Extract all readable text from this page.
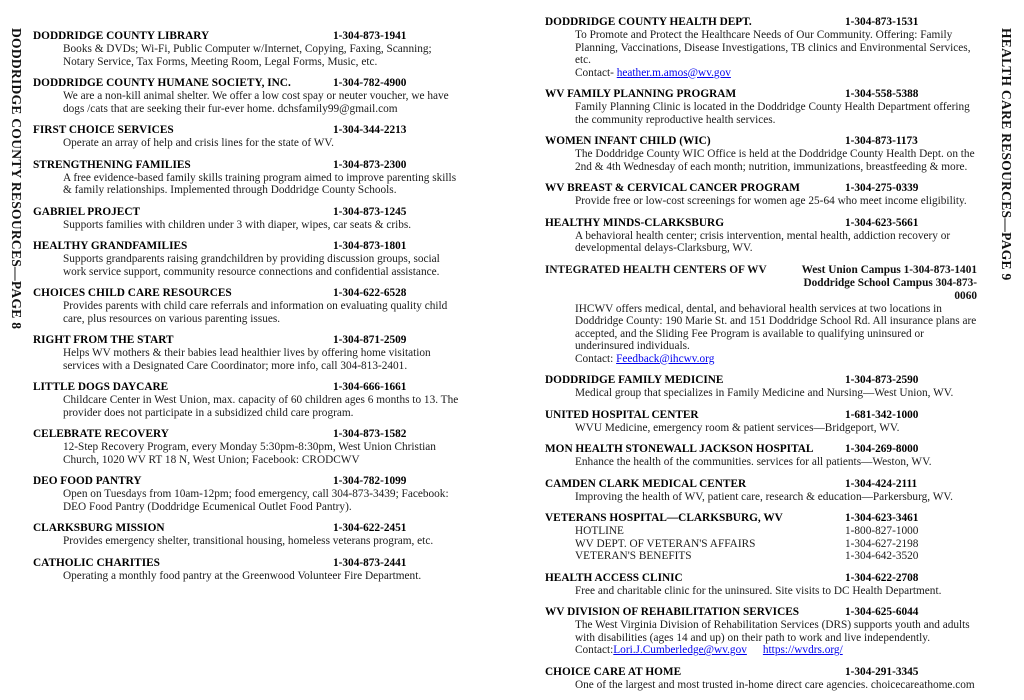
DODDRIDGE COUNTY RESOURCES—PAGE 8 DODDRIDGE COUNTY LIBRARY	1-304-873-1941
Books & DVDs; Wi-Fi, Public Computer w/Internet, Copying, Faxing, Scanning; Notary Service, Tax Forms, Meeting Room, Legal Forms, Music, etc.
DODDRIDGE COUNTY HUMANE SOCIETY, INC.	1-304-782-4900
We are a non-kill animal shelter. We offer a low cost spay or neuter voucher, we have dogs /cats that are seeking their fur-ever home. dchsfamily99@gmail.com
FIRST CHOICE SERVICES	1-304-344-2213
Operate an array of help and crisis lines for the state of WV.
STRENGTHENING FAMILIES	1-304-873-2300
A free evidence-based family skills training program aimed to improve parenting skills & family relationships. Implemented through Doddridge County Schools.
GABRIEL PROJECT	1-304-873-1245
Supports families with children under 3 with diaper, wipes, car seats & cribs.
HEALTHY GRANDFAMILIES	1-304-873-1801
Supports grandparents raising grandchildren by providing discussion groups, social work service support, community resource connections and confidential assistance.
CHOICES CHILD CARE RESOURCES	1-304-622-6528
Provides parents with child care referrals and information on evaluating quality child care, plus resources on various parenting issues.
RIGHT FROM THE START	1-304-871-2509
Helps WV mothers & their babies lead healthier lives by offering home visitation services with a Designated Care Coordinator; more info, call 304-813-2401.
LITTLE DOGS DAYCARE	1-304-666-1661
Childcare Center in West Union, max. capacity of 60 children ages 6 months to 13. The provider does not participate in a subsidized child care program.
CELEBRATE RECOVERY	1-304-873-1582
12-Step Recovery Program, every Monday 5:30pm-8:30pm, West Union Christian Church, 1020 WV RT 18 N, West Union; Facebook: CRODCWV
DEO FOOD PANTRY	1-304-782-1099
Open on Tuesdays from 10am-12pm; food emergency, call 304-873-3439; Facebook: DEO Food Pantry (Doddridge Ecumenical Outlet Food Pantry).
CLARKSBURG MISSION	1-304-622-2451
Provides emergency shelter, transitional housing, homeless veterans program, etc.
CATHOLIC CHARITIES	1-304-873-2441
Operating a monthly food pantry at the Greenwood Volunteer Fire Department.
HEALTH CARE RESOURCES—PAGE 9
DODDRIDGE COUNTY HEALTH DEPT.	1-304-873-1531
To Promote and Protect the Healthcare Needs of Our Community. Offering: Family Planning, Vaccinations, Disease Investigations, TB clinics and Environmental Services, etc.
Contact- heather.m.amos@wv.gov
WV FAMILY PLANNING PROGRAM	1-304-558-5388
Family Planning Clinic is located in the Doddridge County Health Department offering the community reproductive health services.
WOMEN INFANT CHILD (WIC)	1-304-873-1173
The Doddridge County WIC Office is held at the Doddridge County Health Dept. on the 2nd & 4th Wednesday of each month; nutrition, immunizations, breastfeeding & more.
WV BREAST & CERVICAL CANCER PROGRAM	1-304-275-0339
Provide free or low-cost screenings for women age 25-64 who meet income eligibility.
HEALTHY MINDS-CLARKSBURG	1-304-623-5661
A behavioral health center; crisis intervention, mental health, addiction recovery or developmental delays-Clarksburg, WV.
INTEGRATED HEALTH CENTERS OF WV	West Union Campus 1-304-873-1401
Doddridge School Campus 304-873-0060
IHCWV offers medical, dental, and behavioral health services at two locations in Doddridge County: 190 Marie St. and 151 Doddridge School Rd. All insurance plans are accepted, and the Sliding Fee Program is available to qualifying uninsured or underinsured individuals.
Contact: Feedback@ihcwv.org
DODDRIDGE FAMILY MEDICINE	1-304-873-2590
Medical group that specializes in Family Medicine and Nursing—West Union, WV.
UNITED HOSPITAL CENTER	1-681-342-1000
WVU Medicine, emergency room & patient services—Bridgeport, WV.
MON HEALTH STONEWALL JACKSON HOSPITAL	1-304-269-8000
Enhance the health of the communities. services for all patients—Weston, WV.
CAMDEN CLARK MEDICAL CENTER	1-304-424-2111
Improving the health of WV, patient care, research & education—Parkersburg, WV.
VETERANS HOSPITAL—CLARKSBURG, WV	1-304-623-3461
HOTLINE	1-800-827-1000
WV DEPT. OF VETERAN'S AFFAIRS	1-304-627-2198
VETERAN'S BENEFITS	1-304-642-3520
HEALTH ACCESS CLINIC	1-304-622-2708
Free and charitable clinic for the uninsured. Site visits to DC Health Department.
WV DIVISION OF REHABILITATION SERVICES	1-304-625-6044
The West Virginia Division of Rehabilitation Services (DRS) supports youth and adults with disabilities (ages 14 and up) on their path to work and live independently.
Contact:Lori.J.Cumberledge@wv.gov https://wvdrs.org/
CHOICE CARE AT HOME	1-304-291-3345
One of the largest and most trusted in-home direct care agencies. choicecareathome.com
